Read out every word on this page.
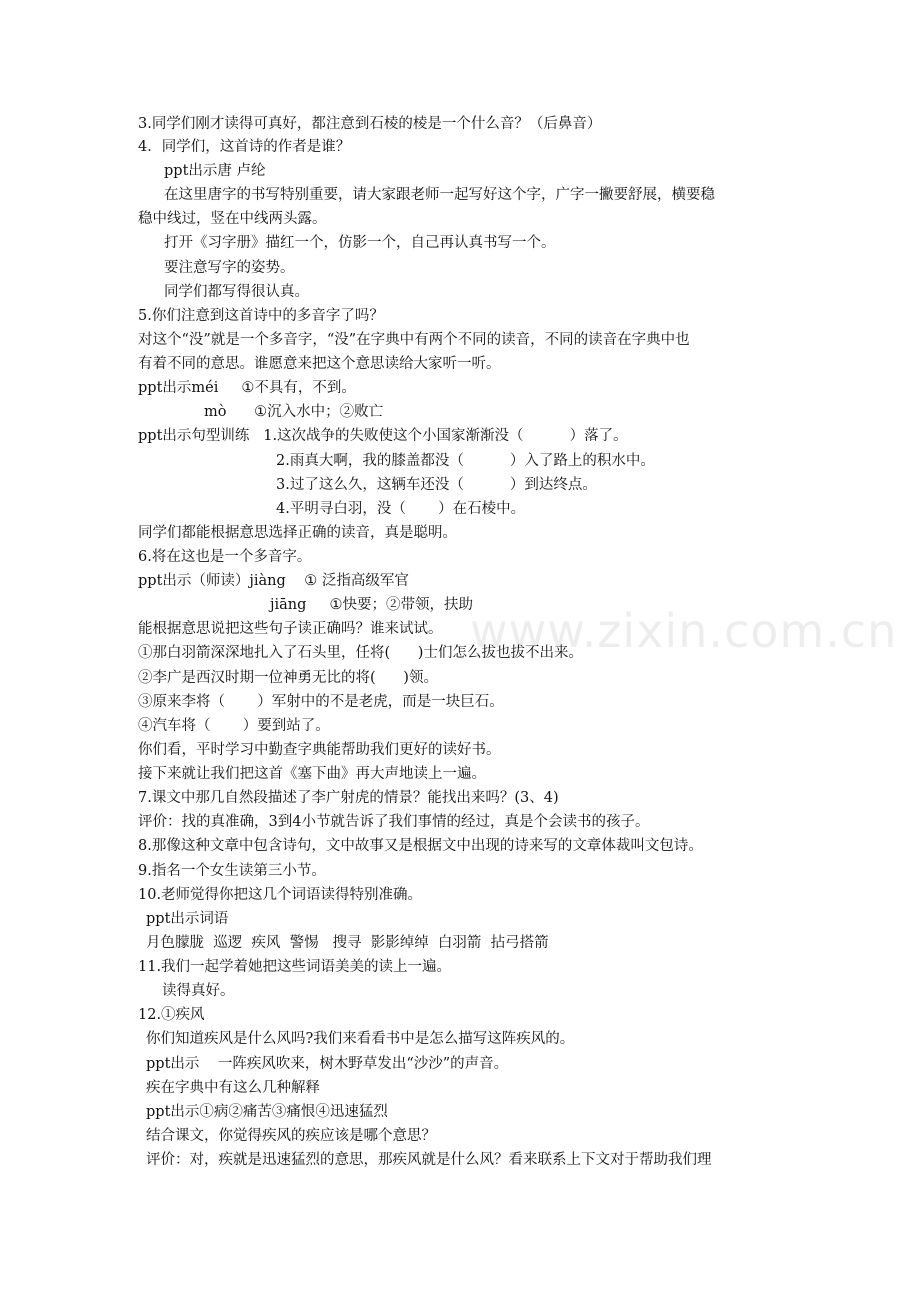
www.zixin.com.cn
3.同学们刚才读得可真好，都注意到石棱的棱是一个什么音？（后鼻音）
4．同学们，这首诗的作者是谁？
ppt出示唐 卢纶
在这里唐字的书写特别重要，请大家跟老师一起写好这个字，广字一撇要舒展，横要稳
稳中线过，竖在中线两头露。
打开《习字册》描红一个，仿影一个，自己再认真书写一个。
要注意写字的姿势。
同学们都写得很认真。
5.你们注意到这首诗中的多音字了吗？
对这个“没”就是一个多音字，“没”在字典中有两个不同的读音，不同的读音在字典中也
有着不同的意思。谁愿意来把这个意思读给大家听一听。
ppt出示méi     ①不具有，不到。
mò      ①沉入水中；②败亡
ppt出示句型训练   1.这次战争的失败使这个小国家渐渐没（          ）落了。
2.雨真大啊，我的膝盖都没（          ）入了路上的积水中。
3.过了这么久，这辆车还没（          ）到达终点。
4.平明寻白羽，没（       ）在石棱中。
同学们都能根据意思选择正确的读音，真是聪明。
6.将在这也是一个多音字。
ppt出示（师读）jiàng    ① 泛指高级军官
jiāng     ①快要；②带领，扶助
能根据意思说把这些句子读正确吗？谁来试试。
①那白羽箭深深地扎入了石头里，任将(      )士们怎么拔也拔不出来。
②李广是西汉时期一位神勇无比的将(      )领。
③原来李将（       ）军射中的不是老虎，而是一块巨石。
④汽车将（       ）要到站了。
你们看，平时学习中勤查字典能帮助我们更好的读好书。
接下来就让我们把这首《塞下曲》再大声地读上一遍。
7.课文中那几自然段描述了李广射虎的情景？能找出来吗？(3、4)
评价：找的真准确，3到4小节就告诉了我们事情的经过，真是个会读书的孩子。
8.那像这种文章中包含诗句，文中故事又是根据文中出现的诗来写的文章体裁叫文包诗。
9.指名一个女生读第三小节。
10.老师觉得你把这几个词语读得特别准确。
ppt出示词语
月色朦胧  巡逻  疾风  警惕   搜寻  影影绰绰  白羽箭  拈弓搭箭
11.我们一起学着她把这些词语美美的读上一遍。
读得真好。
12.①疾风
你们知道疾风是什么风吗?我们来看看书中是怎么描写这阵疾风的。
ppt出示    一阵疾风吹来，树木野草发出“沙沙”的声音。
疾在字典中有这么几种解释
ppt出示①病②痛苦③痛恨④迅速猛烈
结合课文，你觉得疾风的疾应该是哪个意思？
评价：对，疾就是迅速猛烈的意思，那疾风就是什么风？看来联系上下文对于帮助我们理
